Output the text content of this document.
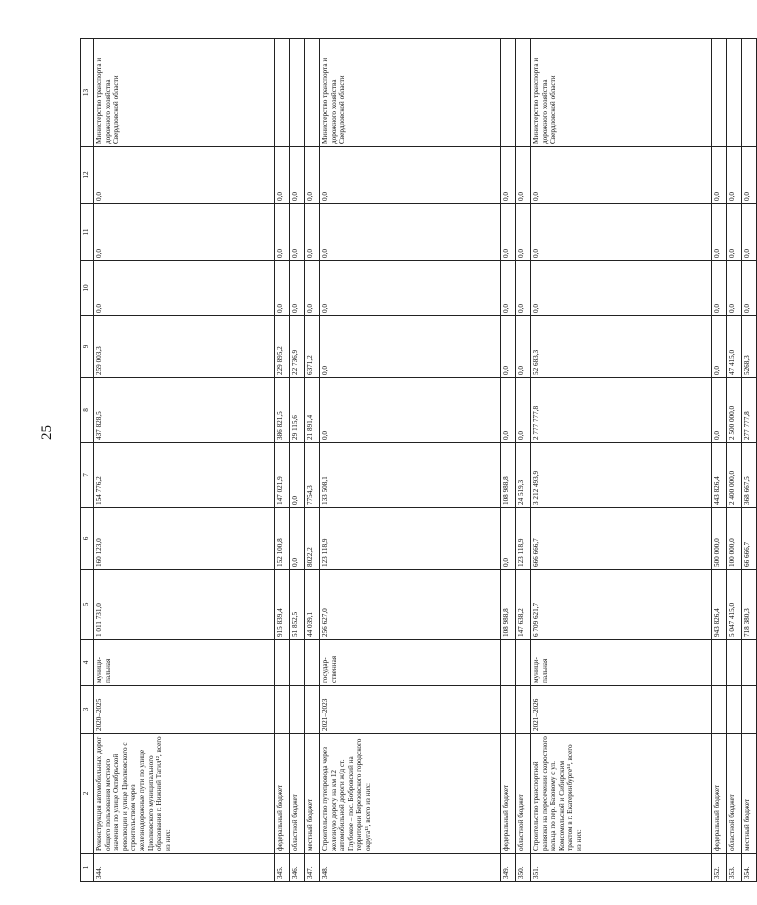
25
1	2	3	4	5	6	7	8	9	10	11	12	13
344.	Реконструкция автомобильных дорог общего пользования местного значения по улице Октябрьской революции и улице Циолковского с строительством через железнодорожные пути по улице Циолковского муниципального образования г. Нижний Тагил¹², всего из них:	2020–2025	муници-пальная	1 011 731,0	160 123,0	154 776,2	437 828,5	259 003,3	0,0	0,0	0,0	Министерство транспорта и дорожного хозяйства Свердловской области
345.	федеральный бюджет			915 839,4	152 100,8	147 021,9	386 821,5	229 895,2	0,0	0,0	0,0	
346.	областной бюджет			51 852,5	0,0	0,0	29 115,6	22 736,9	0,0	0,0	0,0	
347.	местный бюджет			44 039,1	8022,2	7754,3	21 891,4	6371,2	0,0	0,0	0,0	
348.	Строительство путепровода через железную дорогу на км 12 автомобильной дороги ж/д ст. Глубокое – пос. Бобровский на территории Березовского городского округа¹³, всего из них:	2021–2023	государ-ственная	256 627,0	123 118,9	133 508,1	0,0	0,0	0,0	0,0	0,0	Министерство транспорта и дорожного хозяйства Свердловской области
349.	федеральный бюджет			108 988,8	0,0	108 988,8	0,0	0,0	0,0	0,0	0,0	
350.	областной бюджет			147 638,2	123 118,9	24 519,3	0,0	0,0	0,0	0,0	0,0	
351.	Строительство транспортной развязки на пересечении скоростного кольца по пер. Базовому с ул. Комсомольской и Сибирским трактом в г. Екатеринбурге¹⁴, всего из них:	2021–2026	муници-пальная	6 709 621,7	666 666,7	3 212 493,9	2 777 777,8	52 683,3	0,0	0,0	0,0	Министерство транспорта и дорожного хозяйства Свердловской области
352.	федеральный бюджет			943 826,4	500 000,0	443 826,4	0,0	0,0	0,0	0,0	0,0	
353.	областной бюджет			5 047 415,0	100 000,0	2 400 000,0	2 500 000,0	47 415,0	0,0	0,0	0,0	
354.	местный бюджет			718 380,3	66 666,7	368 667,5	277 777,8	5268,3	0,0	0,0	0,0	
